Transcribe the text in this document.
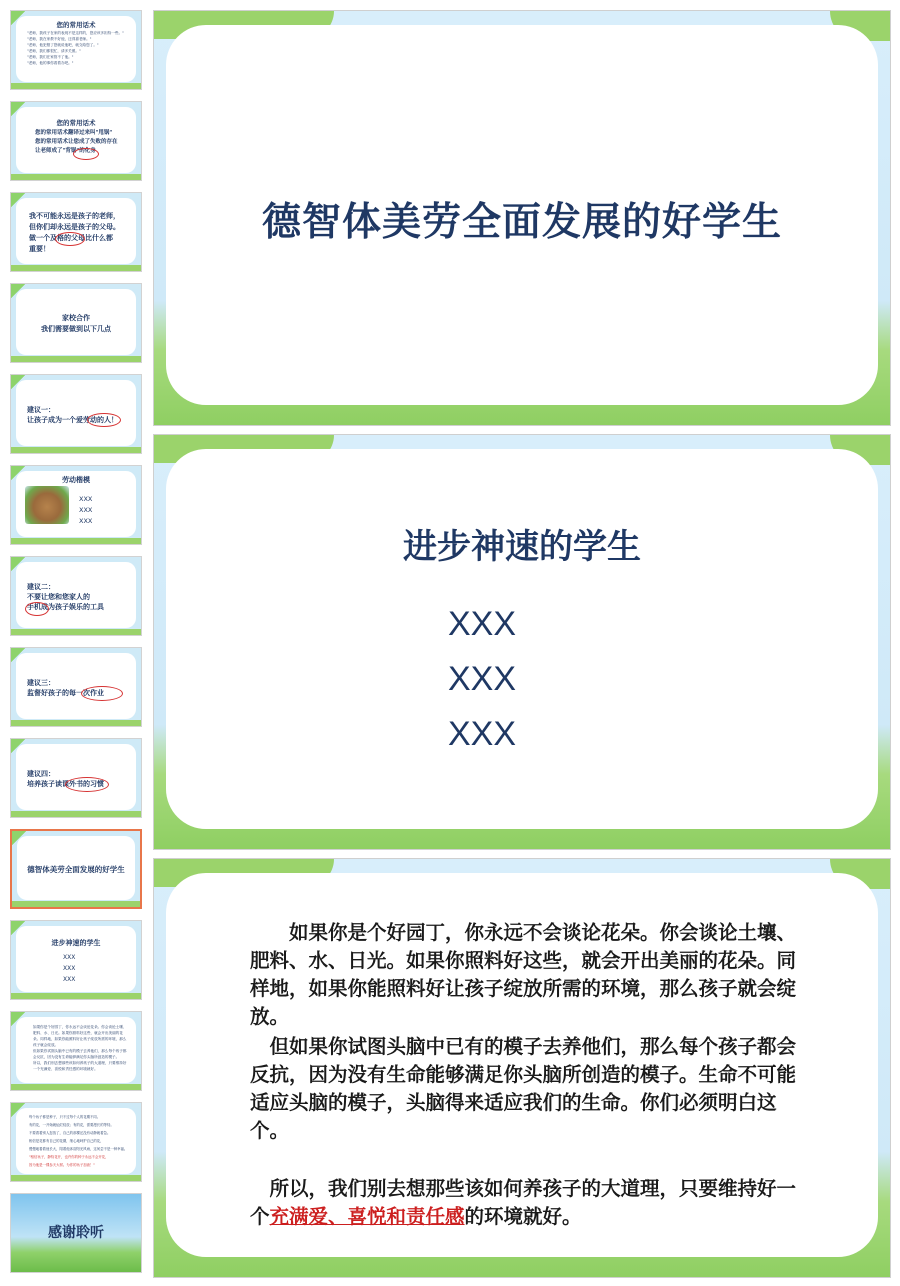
您的常用话术
"老师，我孩子在家的表现不是这样的，您应该多担待一些。"
"老师，我在家教不好他，还得靠老师。"
"老师，他犯错了您就说他吧，就交给您了。"
"老师，我们都很忙，请多关照。"
"老师，我们在家管不了他。"
"老师，他的事你看着办吧。"
您的常用话术
您的常用话术翻译过来叫"甩锅"
您的常用话术让您成了失败的存在
让老师成了"背锅"的化身
我不可能永远是孩子的老师，
但你们却永远是孩子的父母。
做一个及格的父母比什么都
重要！
家校合作
我们需要做到以下几点
建议一：
让孩子成为一个爱劳动的人！
劳动楷模
XXX
XXX
XXX
建议二：
不要让您和您家人的
手机成为孩子娱乐的工具
建议三：
监督好孩子的每一次作业
建议四：
培养孩子读课外书的习惯
德智体美劳全面发展的好学生
进步神速的学生
XXX
XXX
XXX
如果你是个好园丁，你永远不会谈论花朵。你会谈论土壤、肥料、水、日光。如果你照料好这些，就会开出美丽的花朵。同样地，如果你能照料好让孩子绽放所需的环境，那么孩子就会绽放。
但如果你试图头脑中已有的模子去养他们，那么每个孩子都会反抗，因为没有生命能够满足你头脑所创造的模子。
所以，我们别去想那些该如何养孩子的大道理，只要维持好一个充满爱、喜悦和责任感的环境就好。
每个孩子都是种子，只不过每个人的花期不同。
有的花，一开始就灿烂绽放；有的花，需要漫长的等待。
不要看着别人怒放了，自己的那棵还没有动静就着急。
相信是花都有自己的花期，细心地呵护自己的花，
慢慢地看着他长大，陪着他沐浴阳光风雨，这何尝不是一种幸福。
"相信孩子，静待花开，也许你的种子永远不会开花，
因为他是一棵参天大树。为你的孩子加油！"
感谢聆听
德智体美劳全面发展的好学生
进步神速的学生
XXX
XXX
XXX
如果你是个好园丁，你永远不会谈论花朵。你会谈论土壤、肥料、水、日光。如果你照料好这些，就会开出美丽的花朵。同样地，如果你能照料好让孩子绽放所需的环境，那么孩子就会绽放。
但如果你试图头脑中已有的模子去养他们，那么每个孩子都会反抗，因为没有生命能够满足你头脑所创造的模子。生命不可能适应头脑的模子，头脑得来适应我们的生命。你们必须明白这个。
所以，我们别去想那些该如何养孩子的大道理，只要维持好一个充满爱、喜悦和责任感的环境就好。
